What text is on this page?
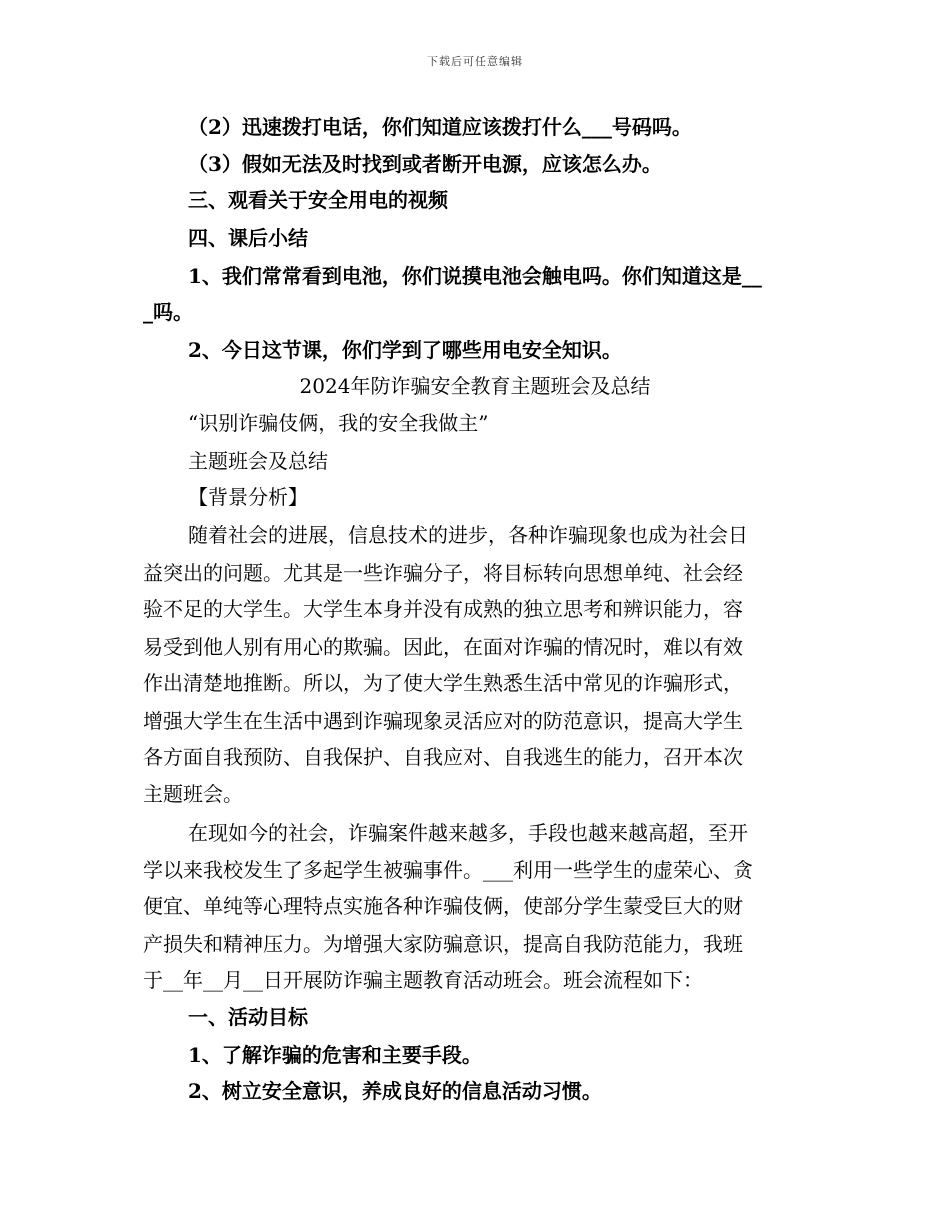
下载后可任意编辑
（2）迅速拨打电话，你们知道应该拨打什么___号码吗。
（3）假如无法及时找到或者断开电源，应该怎么办。
三、观看关于安全用电的视频
四、课后小结
1、我们常常看到电池，你们说摸电池会触电吗。你们知道这是__
_吗。
2、今日这节课，你们学到了哪些用电安全知识。
2024年防诈骗安全教育主题班会及总结
“识别诈骗伎俩，我的安全我做主”
主题班会及总结
【背景分析】
随着社会的进展，信息技术的进步，各种诈骗现象也成为社会日
益突出的问题。尤其是一些诈骗分子，将目标转向思想单纯、社会经
验不足的大学生。大学生本身并没有成熟的独立思考和辨识能力，容
易受到他人别有用心的欺骗。因此，在面对诈骗的情况时，难以有效
作出清楚地推断。所以，为了使大学生熟悉生活中常见的诈骗形式，
增强大学生在生活中遇到诈骗现象灵活应对的防范意识，提高大学生
各方面自我预防、自我保护、自我应对、自我逃生的能力，召开本次
主题班会。
在现如今的社会，诈骗案件越来越多，手段也越来越高超，至开
学以来我校发生了多起学生被骗事件。___利用一些学生的虚荣心、贪
便宜、单纯等心理特点实施各种诈骗伎俩，使部分学生蒙受巨大的财
产损失和精神压力。为增强大家防骗意识，提高自我防范能力，我班
于__年__月__日开展防诈骗主题教育活动班会。班会流程如下：
一、活动目标
1、了解诈骗的危害和主要手段。
2、树立安全意识，养成良好的信息活动习惯。
